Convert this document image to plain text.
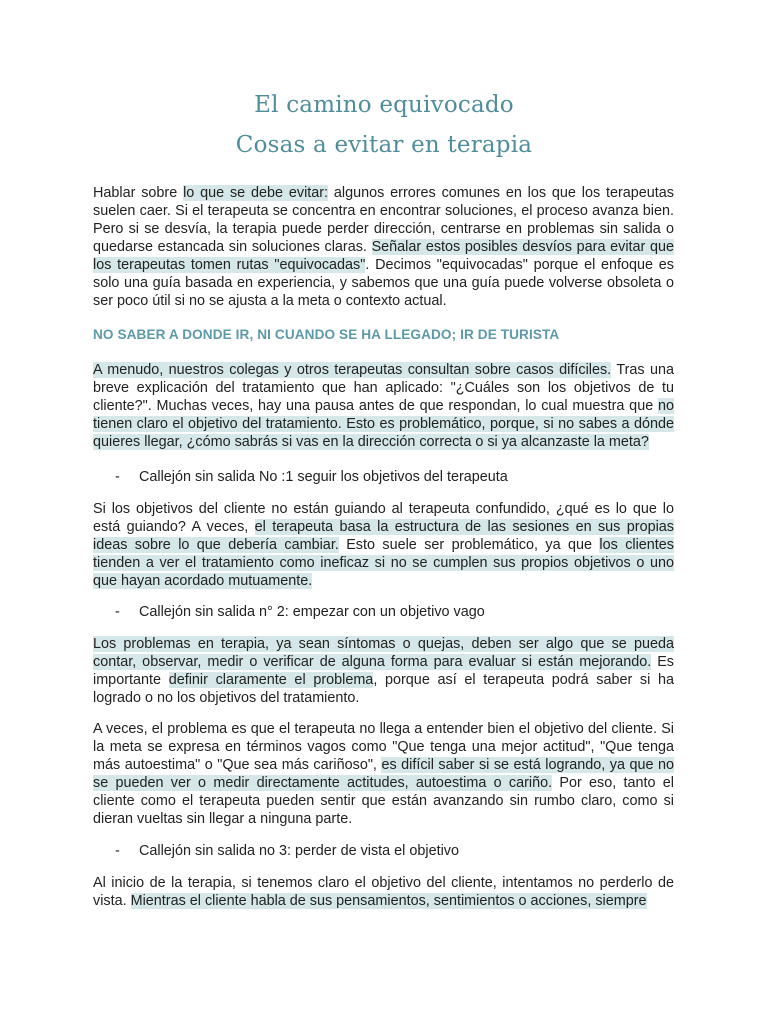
El camino equivocado
Cosas a evitar en terapia
Hablar sobre lo que se debe evitar: algunos errores comunes en los que los terapeutas suelen caer. Si el terapeuta se concentra en encontrar soluciones, el proceso avanza bien. Pero si se desvía, la terapia puede perder dirección, centrarse en problemas sin salida o quedarse estancada sin soluciones claras. Señalar estos posibles desvíos para evitar que los terapeutas tomen rutas "equivocadas". Decimos "equivocadas" porque el enfoque es solo una guía basada en experiencia, y sabemos que una guía puede volverse obsoleta o ser poco útil si no se ajusta a la meta o contexto actual.
NO SABER A DONDE IR, NI CUANDO SE HA LLEGADO; IR DE TURISTA
A menudo, nuestros colegas y otros terapeutas consultan sobre casos difíciles. Tras una breve explicación del tratamiento que han aplicado: "¿Cuáles son los objetivos de tu cliente?". Muchas veces, hay una pausa antes de que respondan, lo cual muestra que no tienen claro el objetivo del tratamiento. Esto es problemático, porque, si no sabes a dónde quieres llegar, ¿cómo sabrás si vas en la dirección correcta o si ya alcanzaste la meta?
- Callejón sin salida No :1 seguir los objetivos del terapeuta
Si los objetivos del cliente no están guiando al terapeuta confundido, ¿qué es lo que lo está guiando? A veces, el terapeuta basa la estructura de las sesiones en sus propias ideas sobre lo que debería cambiar. Esto suele ser problemático, ya que los clientes tienden a ver el tratamiento como ineficaz si no se cumplen sus propios objetivos o uno que hayan acordado mutuamente.
- Callejón sin salida n° 2: empezar con un objetivo vago
Los problemas en terapia, ya sean síntomas o quejas, deben ser algo que se pueda contar, observar, medir o verificar de alguna forma para evaluar si están mejorando. Es importante definir claramente el problema, porque así el terapeuta podrá saber si ha logrado o no los objetivos del tratamiento.
A veces, el problema es que el terapeuta no llega a entender bien el objetivo del cliente. Si la meta se expresa en términos vagos como "Que tenga una mejor actitud", "Que tenga más autoestima" o "Que sea más cariñoso", es difícil saber si se está logrando, ya que no se pueden ver o medir directamente actitudes, autoestima o cariño. Por eso, tanto el cliente como el terapeuta pueden sentir que están avanzando sin rumbo claro, como si dieran vueltas sin llegar a ninguna parte.
- Callejón sin salida no 3: perder de vista el objetivo
Al inicio de la terapia, si tenemos claro el objetivo del cliente, intentamos no perderlo de vista. Mientras el cliente habla de sus pensamientos, sentimientos o acciones, siempre
